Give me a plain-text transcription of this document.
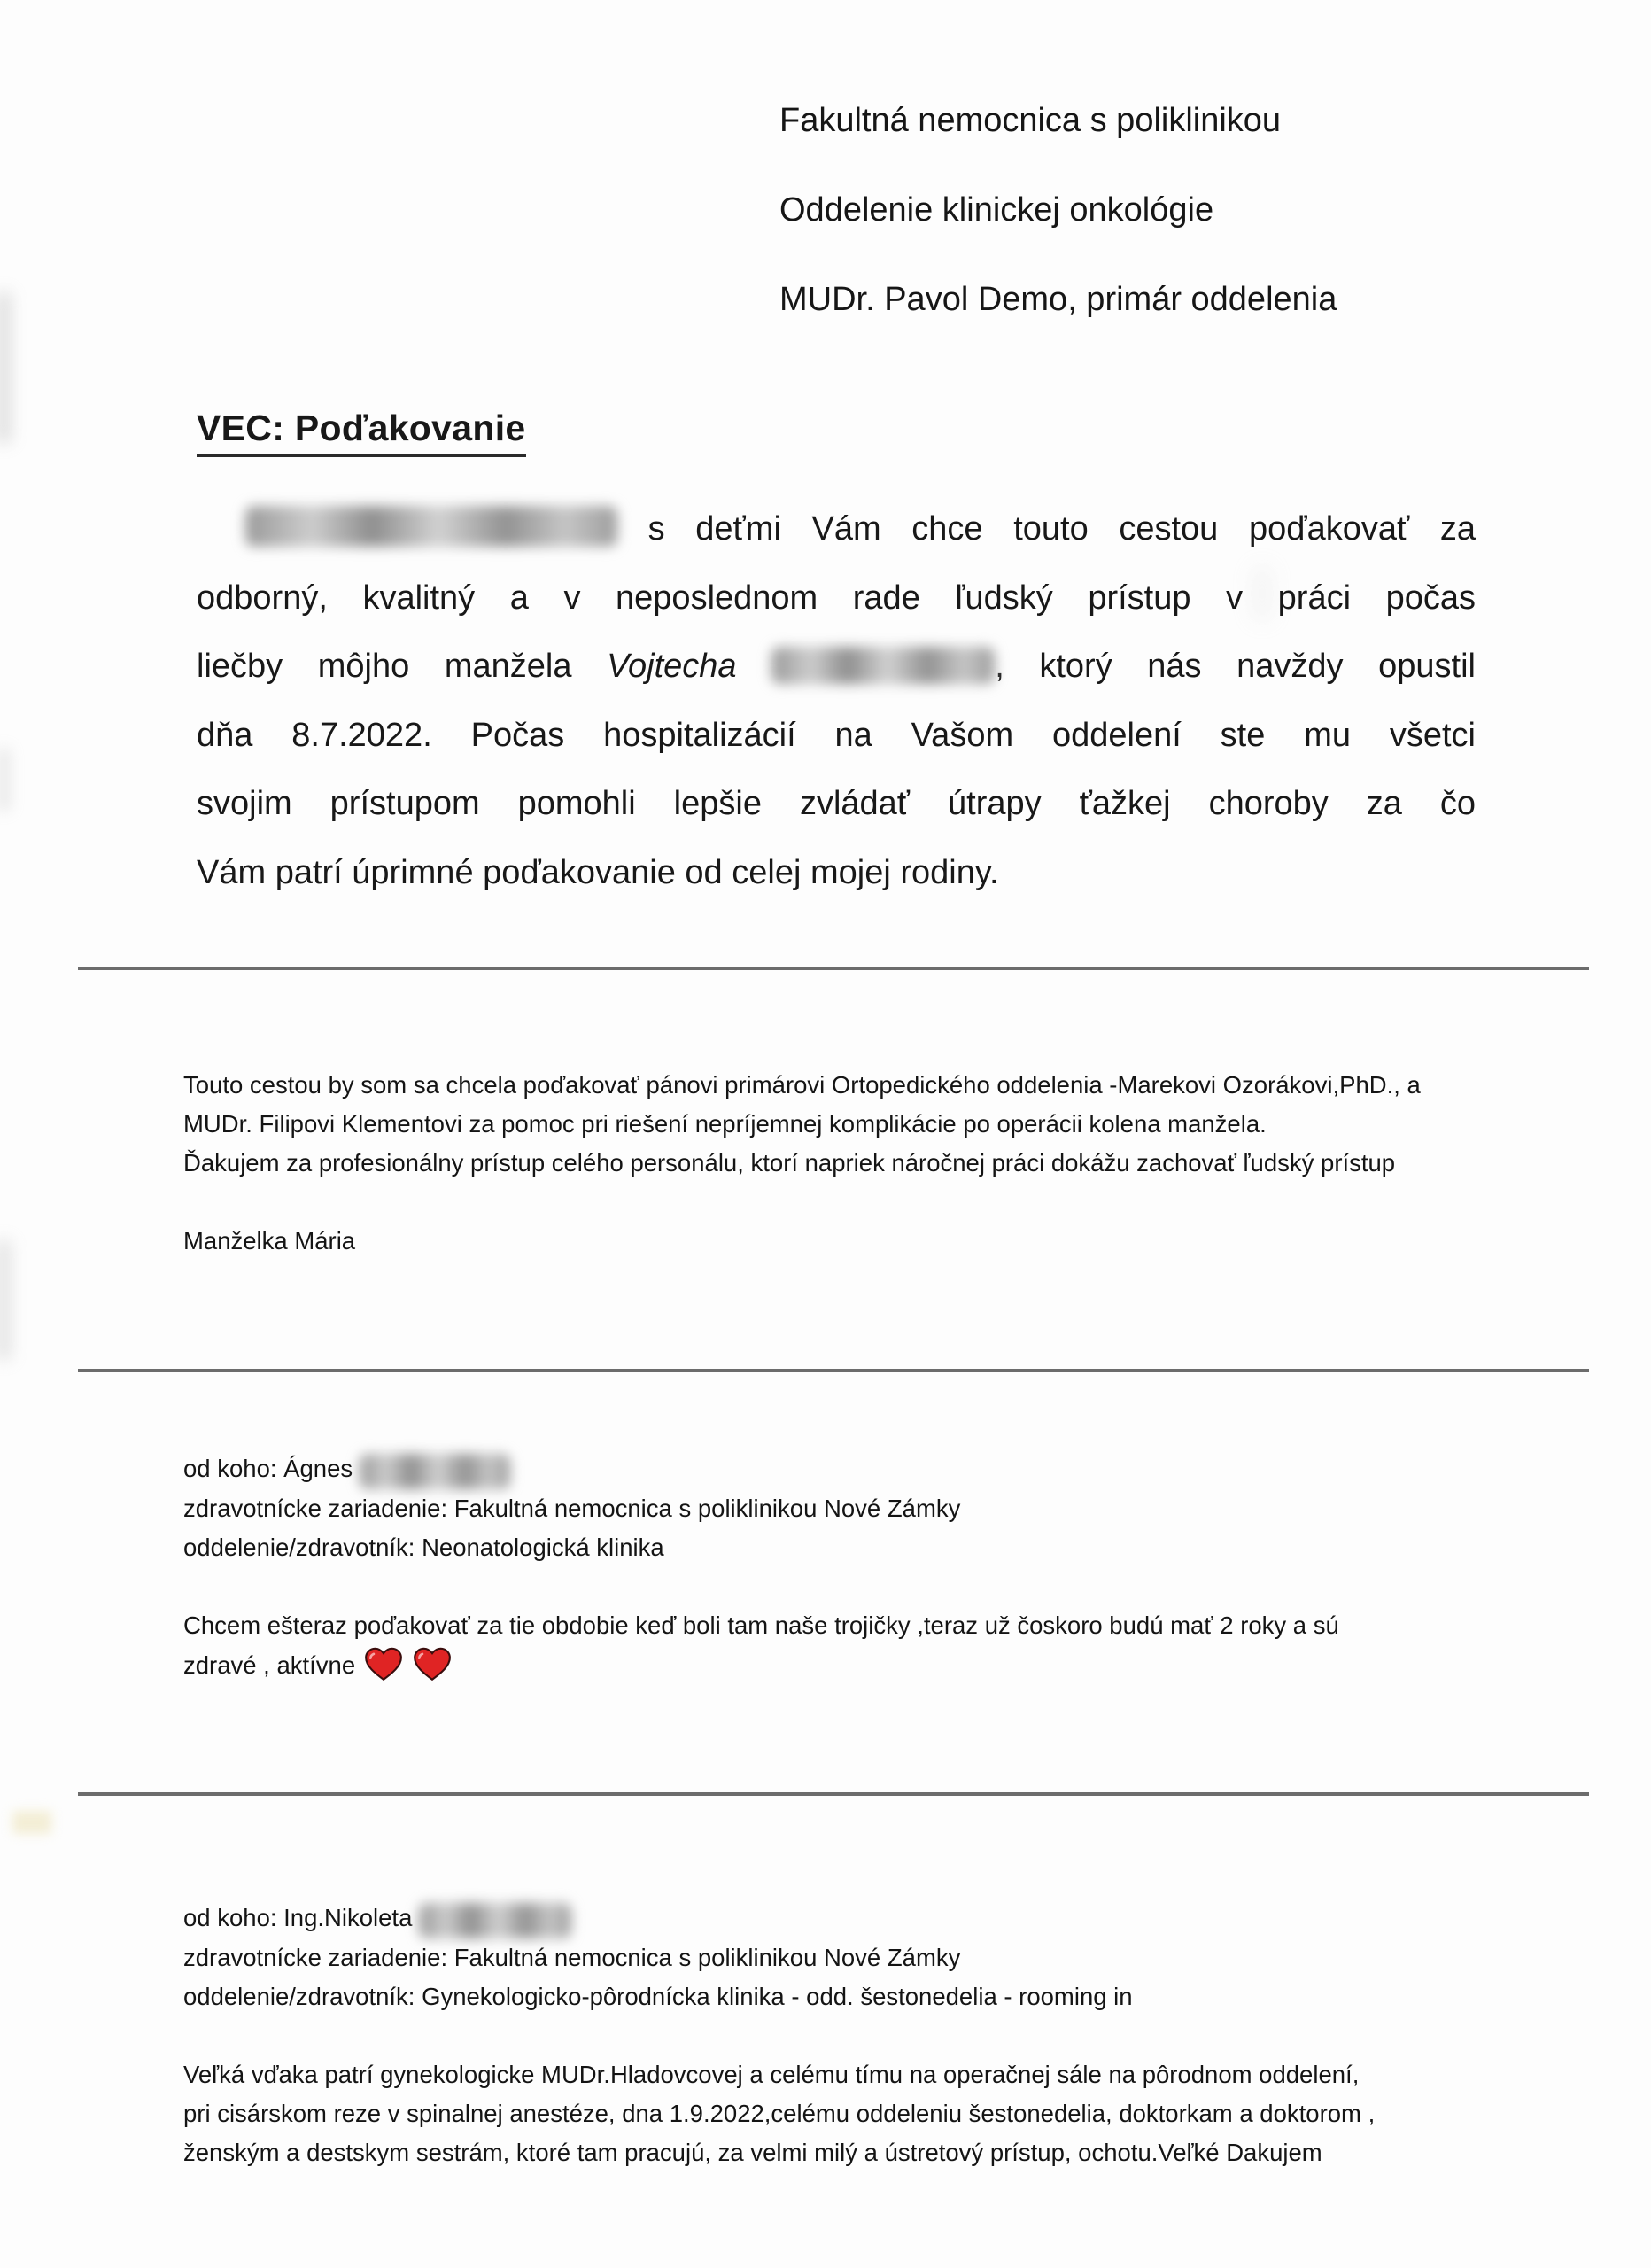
Fakultná nemocnica s poliklinikou
Oddelenie klinickej onkológie
MUDr. Pavol Demo, primár oddelenia
VEC: Poďakovanie
s deťmi Vám chce touto cestou poďakovať za
odborný, kvalitný a v neposlednom rade ľudský prístup v práci počas
liečby môjho manžela Vojtecha	, ktorý nás navždy opustil
dňa 8.7.2022. Počas hospitalizácií na Vašom oddelení ste mu všetci
svojim prístupom pomohli lepšie zvládať útrapy ťažkej choroby za čo
Vám patrí úprimné poďakovanie od celej mojej rodiny.
Touto cestou by som sa chcela poďakovať pánovi primárovi Ortopedického oddelenia -Marekovi Ozorákovi,PhD., a
MUDr. Filipovi Klementovi za pomoc pri riešení nepríjemnej komplikácie po operácii kolena manžela.
Ďakujem za profesionálny prístup celého personálu, ktorí napriek náročnej práci dokážu zachovať ľudský prístup
Manželka Mária
od koho: Ágnes
zdravotnícke zariadenie: Fakultná nemocnica s poliklinikou Nové Zámky
oddelenie/zdravotník: Neonatologická klinika
Chcem ešteraz poďakovať za tie obdobie keď boli tam naše trojičky ,teraz už čoskoro budú mať 2 roky a sú
zdravé , aktívne
od koho: Ing.Nikoleta
zdravotnícke zariadenie: Fakultná nemocnica s poliklinikou Nové Zámky
oddelenie/zdravotník: Gynekologicko-pôrodnícka klinika - odd. šestonedelia - rooming in
Veľká vďaka patrí gynekologicke MUDr.Hladovcovej a celému tímu na operačnej sále na pôrodnom oddelení,
pri cisárskom reze v spinalnej anestéze, dna 1.9.2022,celému oddeleniu šestonedelia, doktorkam a doktorom ,
ženským a destskym sestrám, ktoré tam pracujú, za velmi milý a ústretový prístup, ochotu.Veľké Dakujem
